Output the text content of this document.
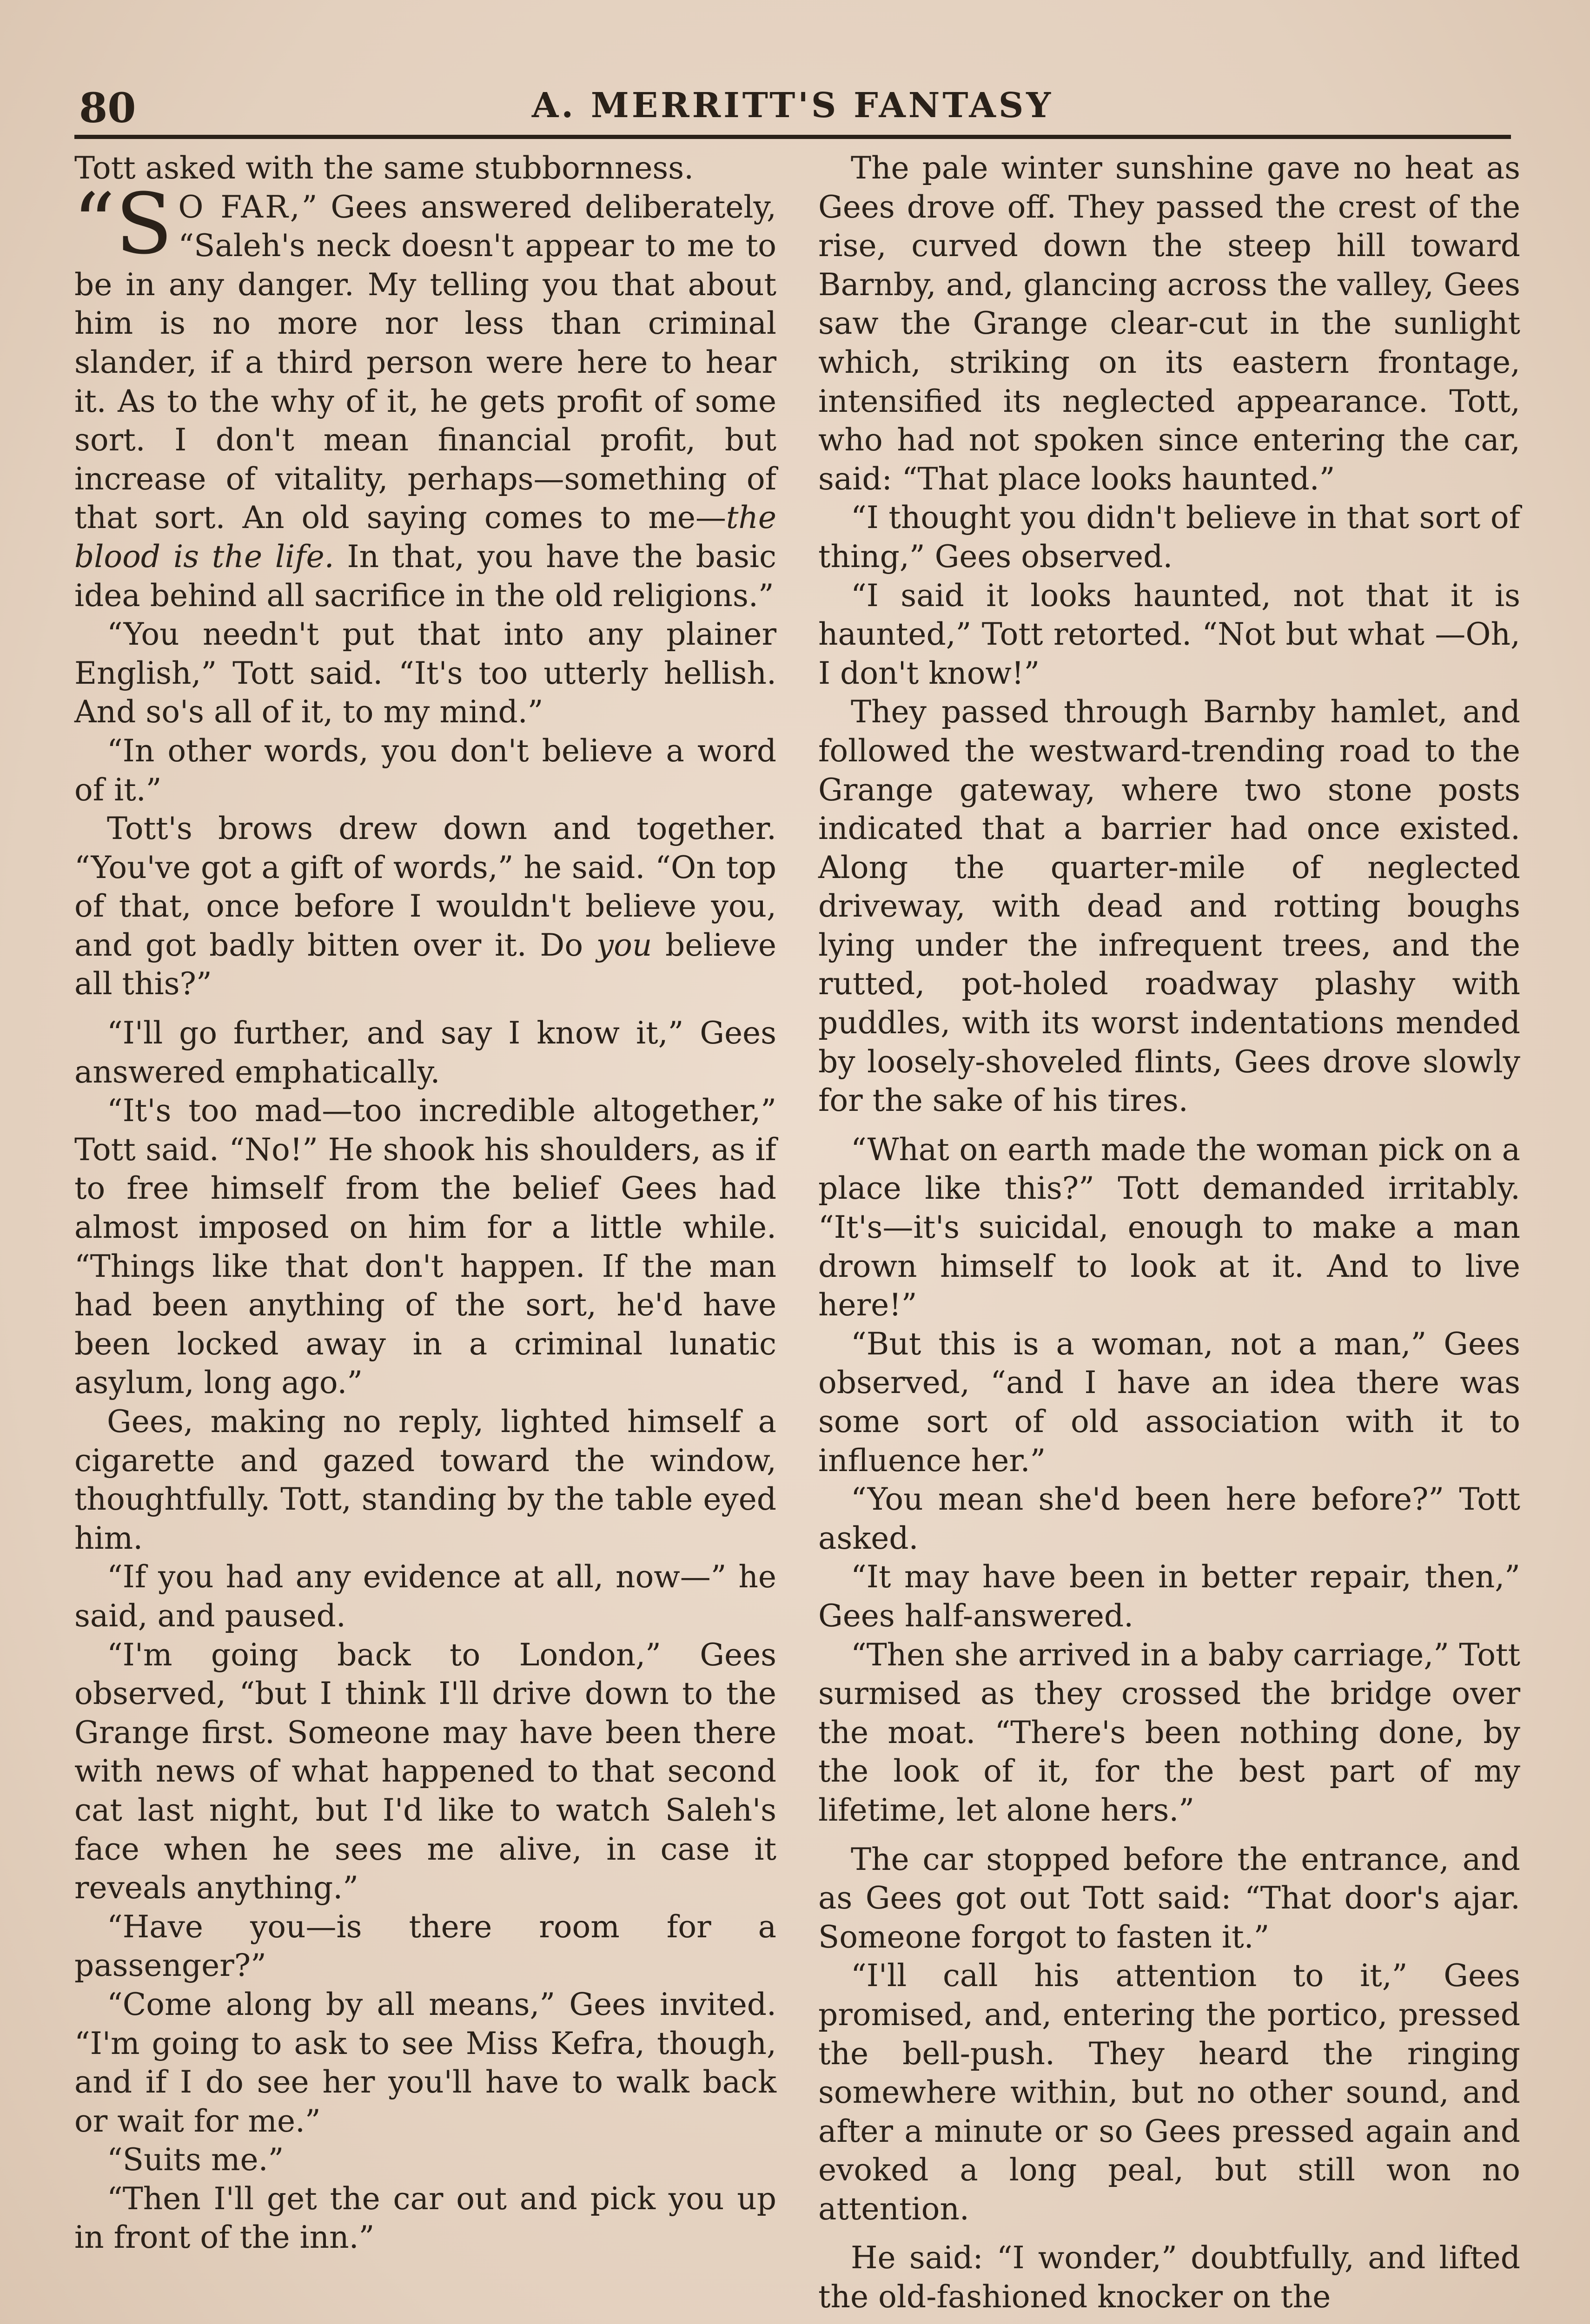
80	A. MERRITT'S FANTASY

Tott asked with the same stubbornness.

“S O FAR,” Gees answered deliberately, “Saleh's neck doesn't appear to me to be in any danger. My telling you that about him is no more nor less than criminal slander, if a third person were here to hear it. As to the why of it, he gets profit of some sort. I don't mean financial profit, but increase of vitality, perhaps—something of that sort. An old saying comes to me—the blood is the life. In that, you have the basic idea behind all sacrifice in the old religions.”

“You needn't put that into any plainer English,” Tott said. “It's too utterly hellish. And so's all of it, to my mind.”

“In other words, you don't believe a word of it.”

Tott's brows drew down and together. “You've got a gift of words,” he said. “On top of that, once before I wouldn't believe you, and got badly bitten over it. Do you believe all this?”

“I'll go further, and say I know it,” Gees answered emphatically.

“It's too mad—too incredible altogether,” Tott said. “No!” He shook his shoulders, as if to free himself from the belief Gees had almost imposed on him for a little while. “Things like that don't happen. If the man had been anything of the sort, he'd have been locked away in a criminal lunatic asylum, long ago.”

Gees, making no reply, lighted himself a cigarette and gazed toward the window, thoughtfully. Tott, standing by the table eyed him.

“If you had any evidence at all, now—” he said, and paused.

“I'm going back to London,” Gees observed, “but I think I'll drive down to the Grange first. Someone may have been there with news of what happened to that second cat last night, but I'd like to watch Saleh's face when he sees me alive, in case it reveals anything.”

“Have you—is there room for a passenger?”

“Come along by all means,” Gees invited. “I'm going to ask to see Miss Kefra, though, and if I do see her you'll have to walk back or wait for me.”

“Suits me.”

“Then I'll get the car out and pick you up in front of the inn.”

The pale winter sunshine gave no heat as Gees drove off. They passed the crest of the rise, curved down the steep hill toward Barnby, and, glancing across the valley, Gees saw the Grange clear-cut in the sunlight which, striking on its eastern frontage, intensified its neglected appearance. Tott, who had not spoken since entering the car, said: “That place looks haunted.”

“I thought you didn't believe in that sort of thing,” Gees observed.

“I said it looks haunted, not that it is haunted,” Tott retorted. “Not but what —Oh, I don't know!”

They passed through Barnby hamlet, and followed the westward-trending road to the Grange gateway, where two stone posts indicated that a barrier had once existed. Along the quarter-mile of neglected driveway, with dead and rotting boughs lying under the infrequent trees, and the rutted, pot-holed roadway plashy with puddles, with its worst indentations mended by loosely-shoveled flints, Gees drove slowly for the sake of his tires.

“What on earth made the woman pick on a place like this?” Tott demanded irritably. “It's—it's suicidal, enough to make a man drown himself to look at it. And to live here!”

“But this is a woman, not a man,” Gees observed, “and I have an idea there was some sort of old association with it to influence her.”

“You mean she'd been here before?” Tott asked.

“It may have been in better repair, then,” Gees half-answered.

“Then she arrived in a baby carriage,” Tott surmised as they crossed the bridge over the moat. “There's been nothing done, by the look of it, for the best part of my lifetime, let alone hers.”

The car stopped before the entrance, and as Gees got out Tott said: “That door's ajar. Someone forgot to fasten it.”

“I'll call his attention to it,” Gees promised, and, entering the portico, pressed the bell-push. They heard the ringing somewhere within, but no other sound, and after a minute or so Gees pressed again and evoked a long peal, but still won no attention.

He said: “I wonder,” doubtfully, and lifted the old-fashioned knocker on the
